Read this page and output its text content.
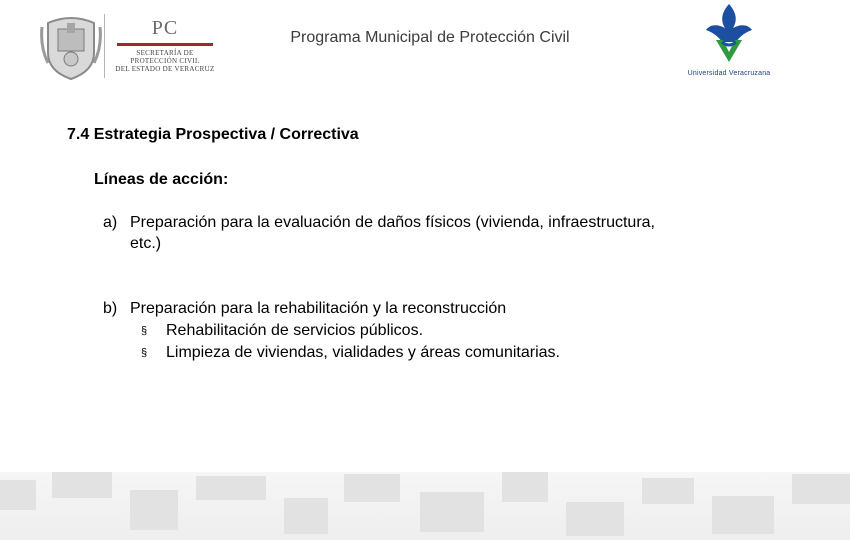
PC
SECRETARÍA DE
PROTECCIÓN CIVIL
DEL ESTADO DE VERACRUZ
Programa Municipal de Protección Civil
Universidad Veracruzana
7.4 Estrategia Prospectiva / Correctiva
Líneas de acción:
a) Preparación para la evaluación de daños físicos (vivienda, infraestructura, etc.)
b) Preparación para la rehabilitación y la reconstrucción
§ Rehabilitación de servicios públicos.
§ Limpieza de viviendas, vialidades y áreas comunitarias.
